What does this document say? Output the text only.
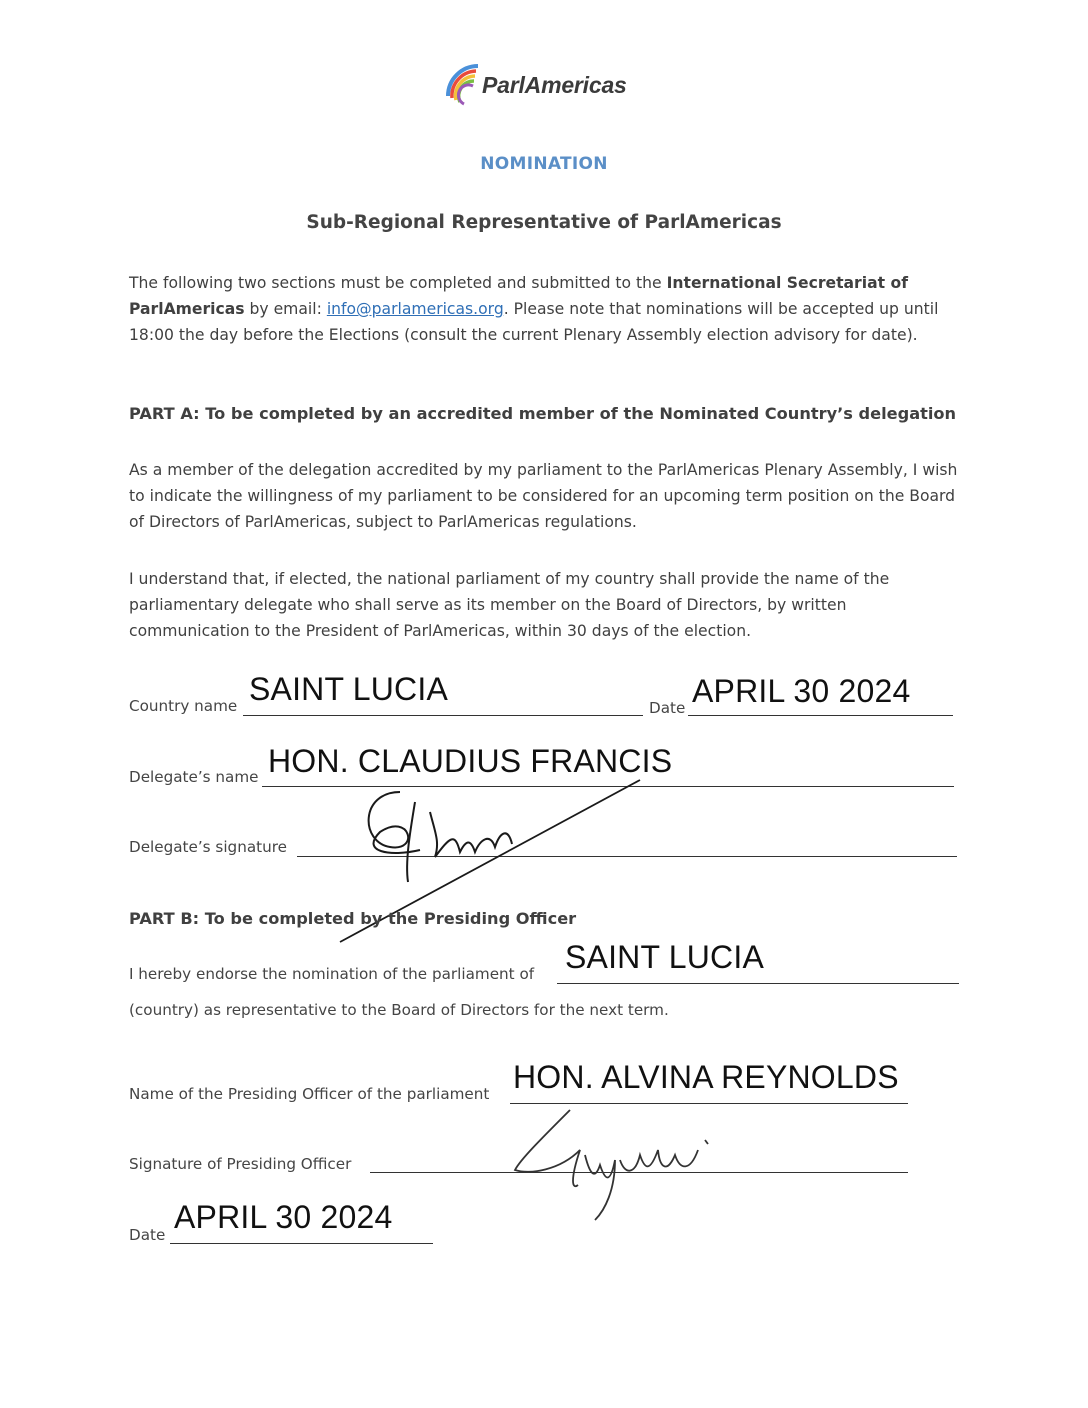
ParlAmericas
NOMINATION
Sub-Regional Representative of ParlAmericas
The following two sections must be completed and submitted to the International Secretariat of ParlAmericas by email: info@parlamericas.org. Please note that nominations will be accepted up until 18:00 the day before the Elections (consult the current Plenary Assembly election advisory for date).
PART A: To be completed by an accredited member of the Nominated Country’s delegation
As a member of the delegation accredited by my parliament to the ParlAmericas Plenary Assembly, I wish to indicate the willingness of my parliament to be considered for an upcoming term position on the Board of Directors of ParlAmericas, subject to ParlAmericas regulations.
I understand that, if elected, the national parliament of my country shall provide the name of the parliamentary delegate who shall serve as its member on the Board of Directors, by written communication to the President of ParlAmericas, within 30 days of the election.
Country name SAINT LUCIA
Date APRIL 30 2024
Delegate’s name HON. CLAUDIUS FRANCIS
Delegate’s signature
PART B: To be completed by the Presiding Officer
I hereby endorse the nomination of the parliament of SAINT LUCIA
(country) as representative to the Board of Directors for the next term.
Name of the Presiding Officer of the parliament HON. ALVINA REYNOLDS
Signature of Presiding Officer
Date APRIL 30 2024
